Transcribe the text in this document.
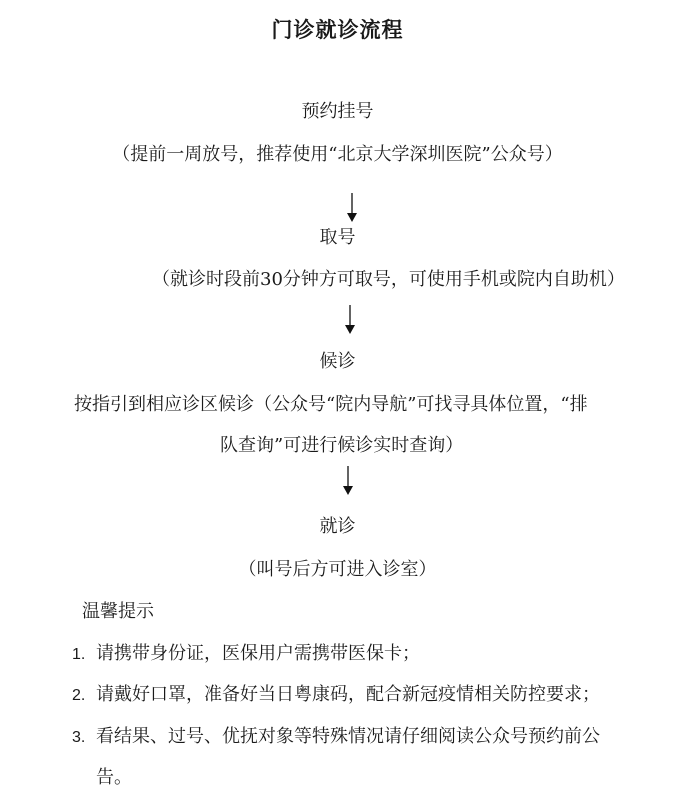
门诊就诊流程
预约挂号
（提前一周放号，推荐使用“北京大学深圳医院”公众号）
取号
（就诊时段前30分钟方可取号，可使用手机或院内自助机）
候诊
按指引到相应诊区候诊（公众号“院内导航”可找寻具体位置，“排
队查询”可进行候诊实时查询）
就诊
（叫号后方可进入诊室）
温馨提示
1. 请携带身份证，医保用户需携带医保卡；
2. 请戴好口罩，准备好当日粤康码，配合新冠疫情相关防控要求；
3. 看结果、过号、优抚对象等特殊情况请仔细阅读公众号预约前公
告。
